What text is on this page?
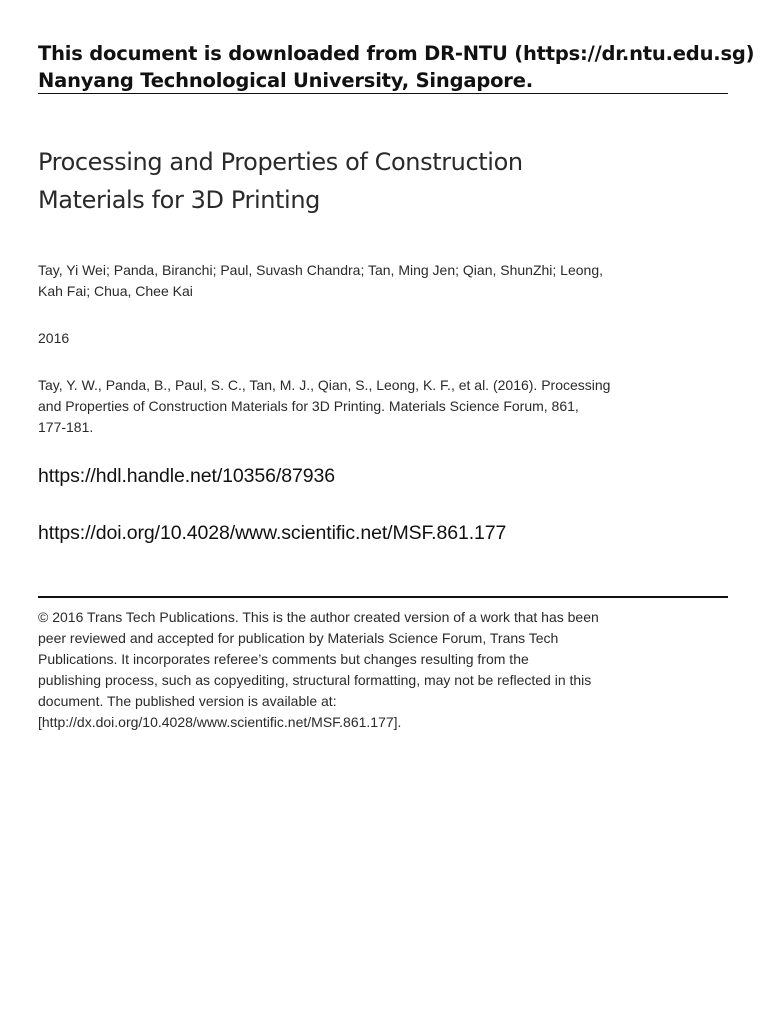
This document is downloaded from DR-NTU (https://dr.ntu.edu.sg)
Nanyang Technological University, Singapore.
Processing and Properties of Construction
Materials for 3D Printing
Tay, Yi Wei; Panda, Biranchi; Paul, Suvash Chandra; Tan, Ming Jen; Qian, ShunZhi; Leong,
Kah Fai; Chua, Chee Kai
2016
Tay, Y. W., Panda, B., Paul, S. C., Tan, M. J., Qian, S., Leong, K. F., et al. (2016). Processing
and Properties of Construction Materials for 3D Printing. Materials Science Forum, 861,
177-181.
https://hdl.handle.net/10356/87936
https://doi.org/10.4028/www.scientific.net/MSF.861.177
© 2016 Trans Tech Publications. This is the author created version of a work that has been
peer reviewed and accepted for publication by Materials Science Forum, Trans Tech
Publications. It incorporates referee’s comments but changes resulting from the
publishing process, such as copyediting, structural formatting, may not be reflected in this
document. The published version is available at:
[http://dx.doi.org/10.4028/www.scientific.net/MSF.861.177].
